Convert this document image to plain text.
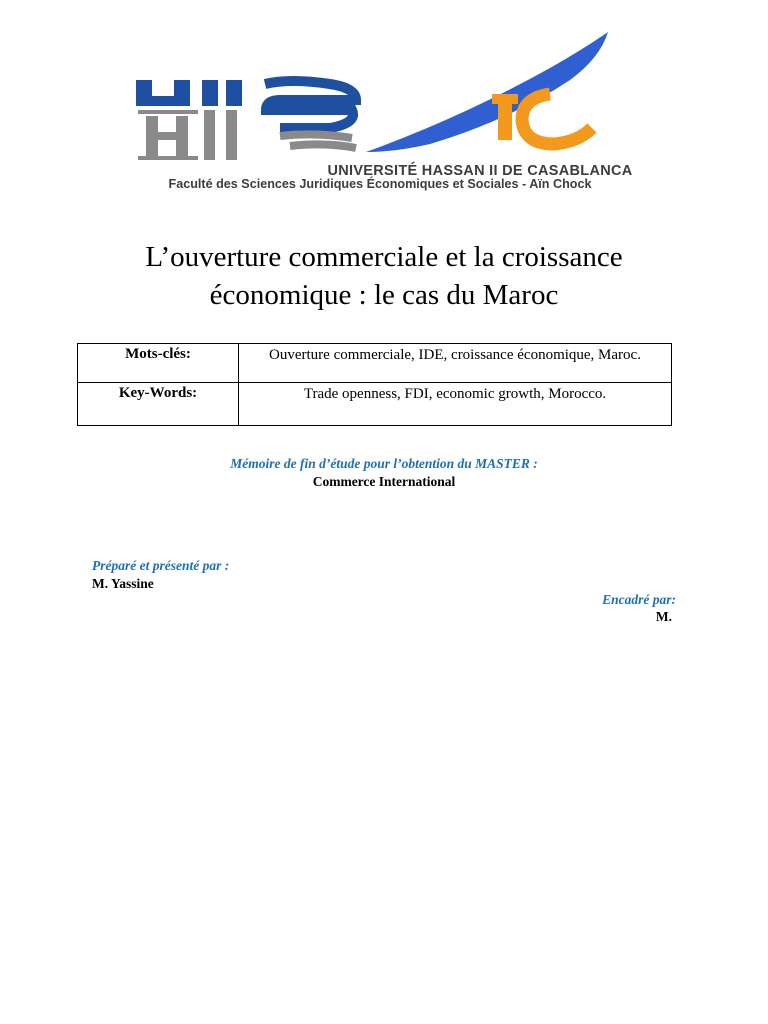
UNIVERSITÉ HASSAN II DE CASABLANCA
Faculté des Sciences Juridiques Économiques et Sociales - Aïn Chock
L’ouverture commerciale et la croissance
économique : le cas du Maroc
Mots-clés:	Ouverture commerciale, IDE, croissance économique, Maroc.
Key-Words:	Trade openness, FDI, economic growth, Morocco.
Mémoire de fin d’étude pour l’obtention du MASTER :
Commerce International
Préparé et présenté par :
M. Yassine
Encadré par:
M.
